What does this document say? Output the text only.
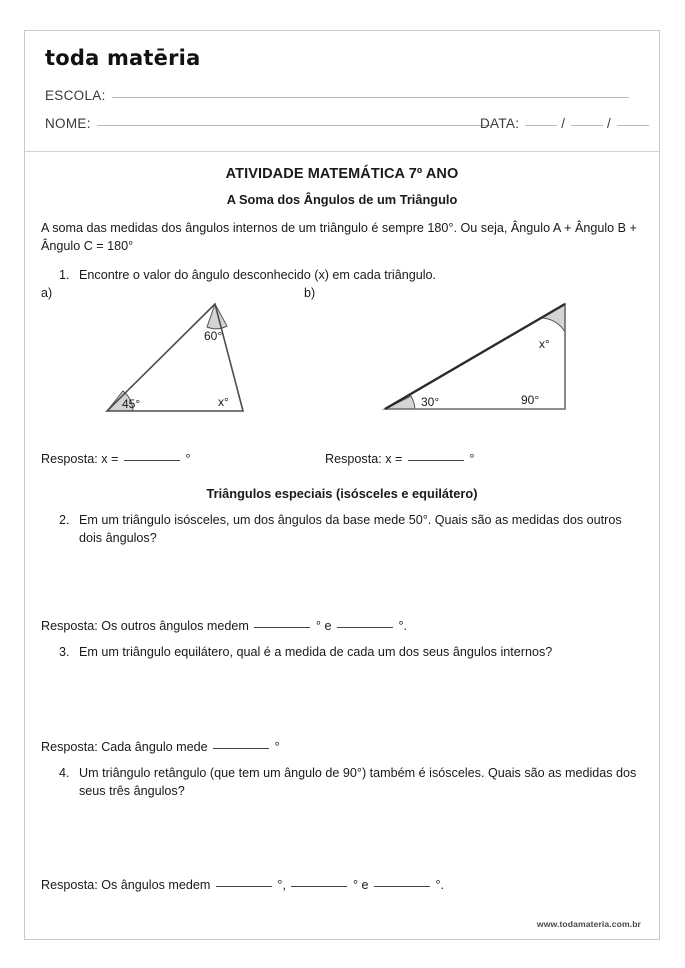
toda matēria
ESCOLA:
NOME:	DATA:	/	/
ATIVIDADE MATEMÁTICA 7º ANO
A Soma dos Ângulos de um Triângulo
A soma das medidas dos ângulos internos de um triângulo é sempre 180°. Ou seja, Ângulo A + Ângulo B + Ângulo C = 180°
1. Encontre o valor do ângulo desconhecido (x) em cada triângulo.
a)	b)
60°
45°	x°
x°
30°	90°
Resposta: x =	°	Resposta: x =	°
Triângulos especiais (isósceles e equilátero)
2. Em um triângulo isósceles, um dos ângulos da base mede 50°. Quais são as medidas dos outros dois ângulos?
Resposta: Os outros ângulos medem	° e	°.
3. Em um triângulo equilátero, qual é a medida de cada um dos seus ângulos internos?
Resposta: Cada ângulo mede	°
4. Um triângulo retângulo (que tem um ângulo de 90°) também é isósceles. Quais são as medidas dos seus três ângulos?
Resposta: Os ângulos medem	°,	° e	°.
www.todamateria.com.br
